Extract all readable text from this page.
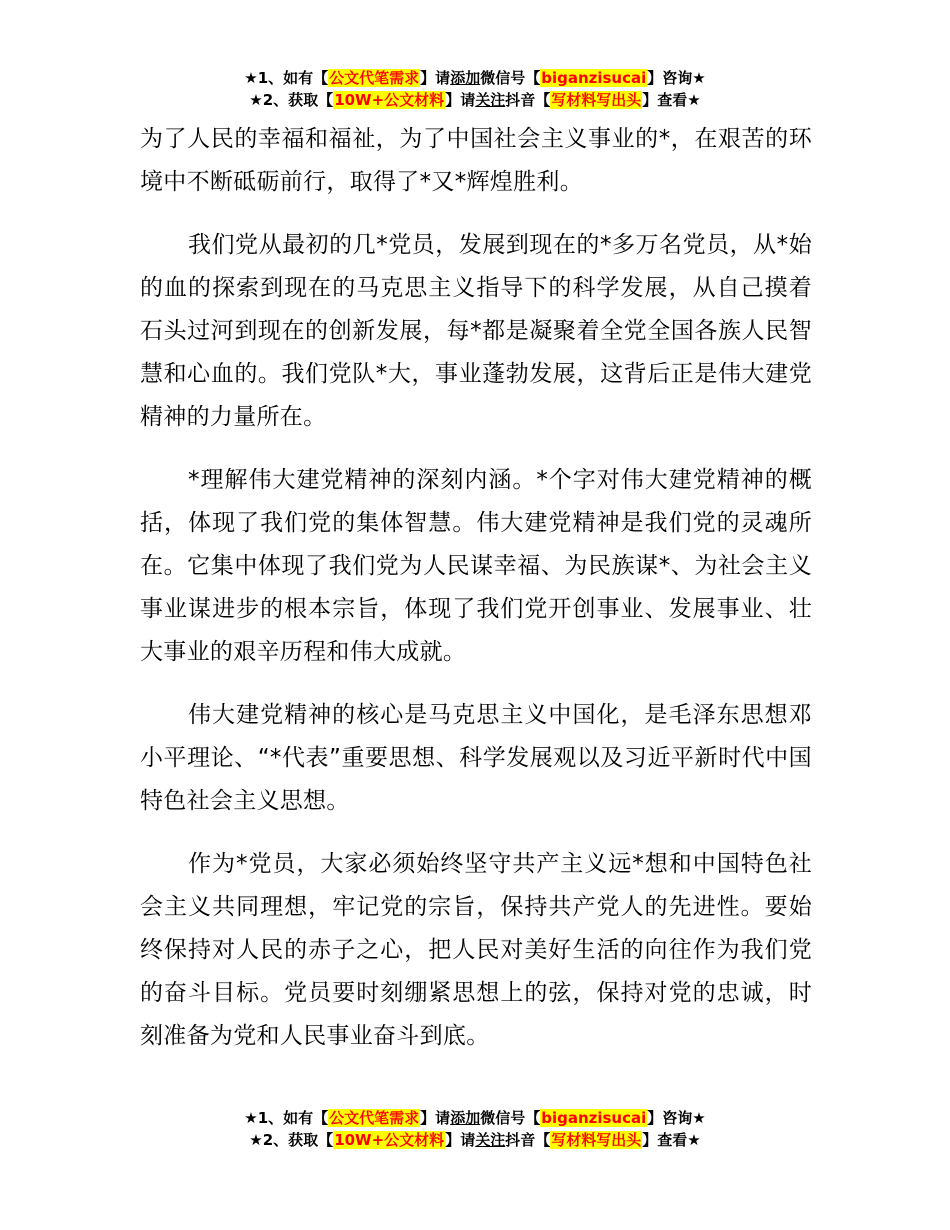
★1、如有【公文代笔需求】请添加微信号【biganzisucai】咨询★
★2、获取【10W+公文材料】请关注抖音【写材料写出头】查看★

为了人民的幸福和福祉，为了中国社会主义事业的*，在艰苦的环境中不断砥砺前行，取得了*又*辉煌胜利。

我们党从最初的几*党员，发展到现在的*多万名党员，从*始的血的探索到现在的马克思主义指导下的科学发展，从自己摸着石头过河到现在的创新发展，每*都是凝聚着全党全国各族人民智慧和心血的。我们党队*大，事业蓬勃发展，这背后正是伟大建党精神的力量所在。

*理解伟大建党精神的深刻内涵。*个字对伟大建党精神的概括，体现了我们党的集体智慧。伟大建党精神是我们党的灵魂所在。它集中体现了我们党为人民谋幸福、为民族谋*、为社会主义事业谋进步的根本宗旨，体现了我们党开创事业、发展事业、壮大事业的艰辛历程和伟大成就。

伟大建党精神的核心是马克思主义中国化，是毛泽东思想邓小平理论、“*代表”重要思想、科学发展观以及习近平新时代中国特色社会主义思想。

作为*党员，大家必须始终坚守共产主义远*想和中国特色社会主义共同理想，牢记党的宗旨，保持共产党人的先进性。要始终保持对人民的赤子之心，把人民对美好生活的向往作为我们党的奋斗目标。党员要时刻绷紧思想上的弦，保持对党的忠诚，时刻准备为党和人民事业奋斗到底。

★1、如有【公文代笔需求】请添加微信号【biganzisucai】咨询★
★2、获取【10W+公文材料】请关注抖音【写材料写出头】查看★
